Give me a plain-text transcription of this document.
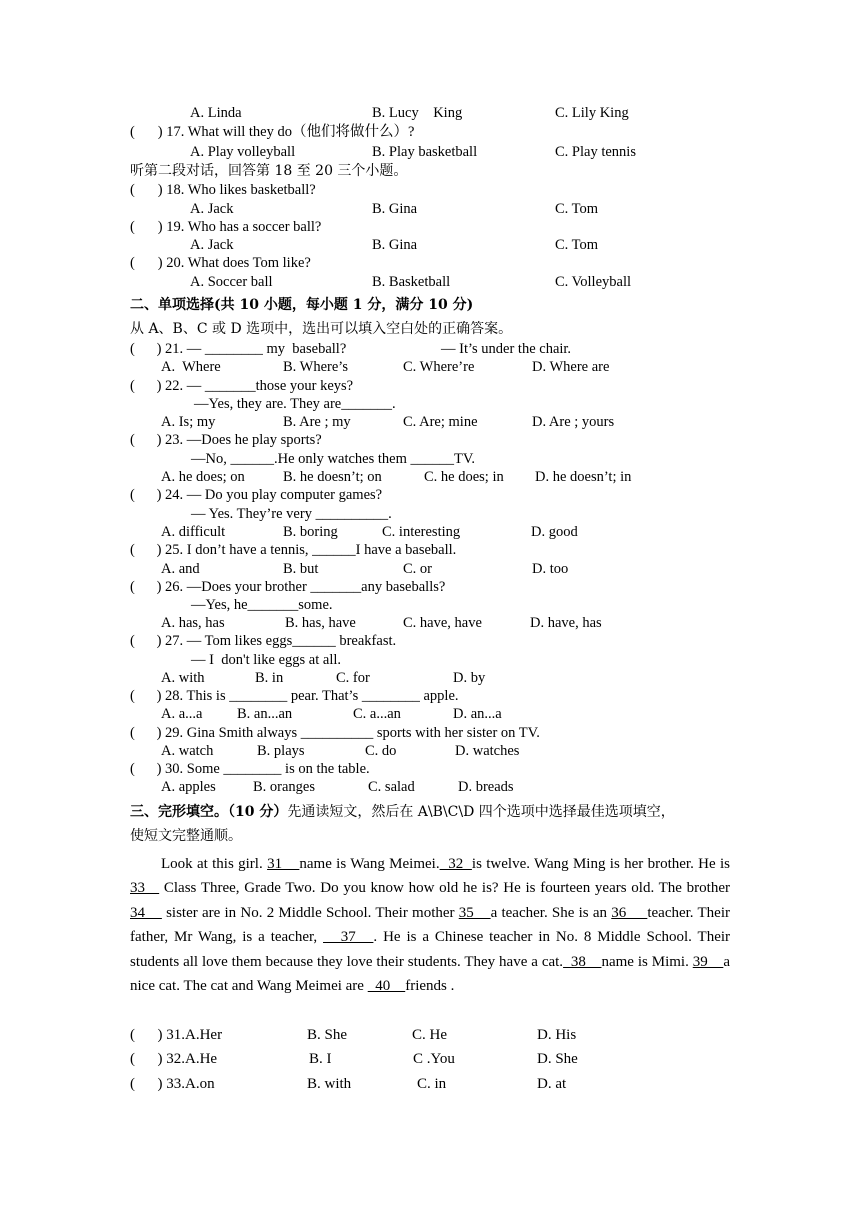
A. Linda	B. Lucy    King	C. Lily King
( ) 17. What will they do（他们将做什么）?
A. Play volleyball	B. Play basketball	C. Play tennis
听第二段对话，回答第 18 至 20 三个小题。
( ) 18. Who likes basketball?
A. Jack	B. Gina	C. Tom
( ) 19. Who has a soccer ball?
A. Jack	B. Gina	C. Tom
( ) 20. What does Tom like?
A. Soccer ball	B. Basketball	C. Volleyball
二、单项选择(共 10 小题，每小题 1 分，满分 10 分)
从 A、B、C 或 D 选项中，选出可以填入空白处的正确答案。
(      ) 21. — ________ my  baseball?	— It’s under the chair.
A.  Where	B. Where’s	C. Where’re	D. Where are
(      ) 22. — _______those your keys?
—Yes, they are. They are_______.
A. Is; my	B. Are ; my	C. Are; mine	D. Are ; yours
(      ) 23. —Does he play sports?
—No, ______.He only watches them ______TV.
A. he does; on	B. he doesn’t; on	C. he does; in D. he doesn’t; in
(      ) 24. — Do you play computer games?
— Yes. They’re very __________.
A. difficult	B. boring	C. interesting	D. good
(      ) 25. I don’t have a tennis, ______I have a baseball.
A. and	B. but	C. or	D. too
(      ) 26. —Does your brother _______any baseballs?
—Yes, he_______some.
A. has, has	B. has, have	C. have, have	D. have, has
(      ) 27. — Tom likes eggs______ breakfast.
— I  don't like eggs at all.
A. with	B. in	C. for	D. by
(      ) 28. This is ________ pear. That’s ________ apple.
A. a...a B. an...an	C. a...an	D. an...a
(      ) 29. Gina Smith always __________ sports with her sister on TV.
A. watch	B. plays	C. do	D. watches
(      ) 30. Some ________ is on the table.
A. apples	B. oranges	C. salad	D. breads
三、完形填空。（10 分）先通读短文，然后在 A\B\C\D 四个选项中选择最佳选项填空，
使短文完整通顺。
Look at this girl. 31    name is Wang Meimei.  32  is twelve. Wang Ming is her brother. He is 33    Class Three, Grade Two. Do you know how old he is? He is fourteen years old. The brother 34     sister are in No. 2 Middle School. Their mother 35    a teacher. She is an 36     teacher. Their father, Mr Wang, is a teacher,    37   . He is a Chinese teacher in No. 8 Middle School. Their students all love them because they love their students. They have a cat.  38    name is Mimi. 39    a nice cat. The cat and Wang Meimei are   40    friends .
(      ) 31.A.Her	B. She	C. He	D. His
(      ) 32.A.He	B. I	C .You	D. She
(      ) 33.A.on	B. with	C. in	D. at
